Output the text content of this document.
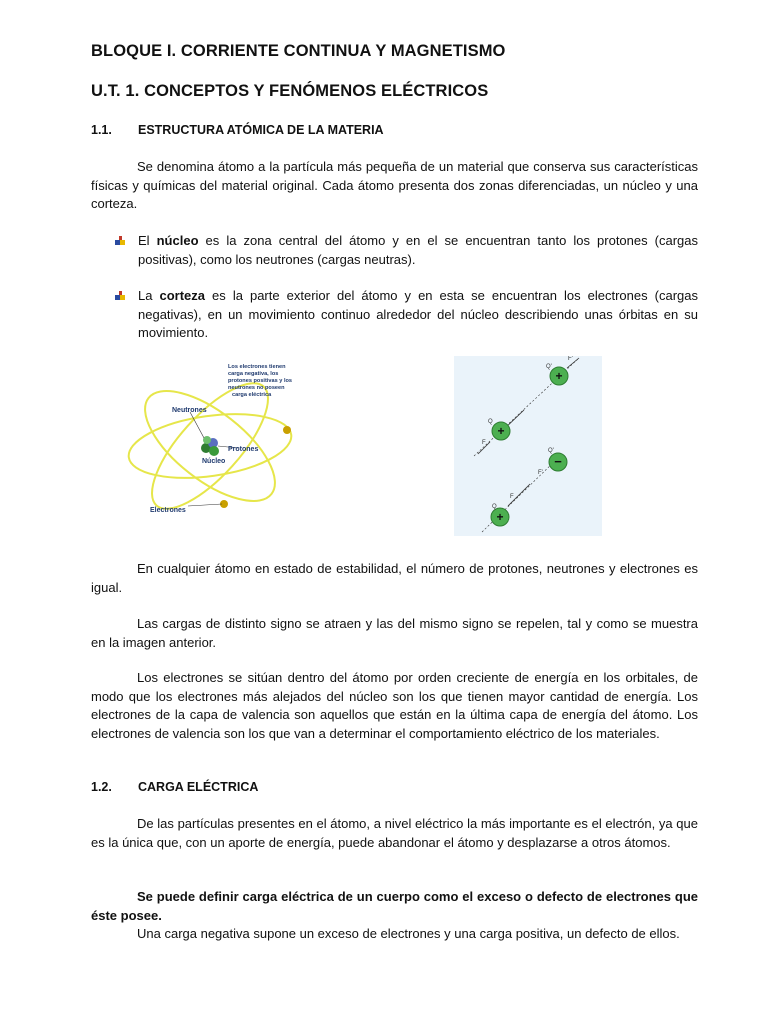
BLOQUE I. CORRIENTE CONTINUA Y MAGNETISMO
U.T. 1. CONCEPTOS Y FENÓMENOS ELÉCTRICOS
1.1. ESTRUCTURA ATÓMICA DE LA MATERIA
Se denomina átomo a la partícula más pequeña de un material que conserva sus características físicas y químicas del material original. Cada átomo presenta dos zonas diferenciadas, un núcleo y una corteza.
El núcleo es la zona central del átomo y en el se encuentran tanto los protones (cargas positivas), como los neutrones (cargas neutras).
La corteza es la parte exterior del átomo y en esta se encuentran los electrones (cargas negativas), en un movimiento continuo alrededor del núcleo describiendo unas órbitas en su movimiento.
Neutrones
Protones
Núcleo
Electrones
Los electrones tienen
carga negativa, los
protones positivas y los
neutrones no poseen
carga eléctrica
+
+
Q'
F'
Q
F
−
+
Q'
F'
Q
F
En cualquier átomo en estado de estabilidad, el número de protones, neutrones y electrones es igual.
Las cargas de distinto signo se atraen y las del mismo signo se repelen, tal y como se muestra en la imagen anterior.
Los electrones se sitúan dentro del átomo por orden creciente de energía en los orbitales, de modo que los electrones más alejados del núcleo son los que tienen mayor cantidad de energía. Los electrones de la capa de valencia son aquellos que están en la última capa de energía del átomo. Los electrones de valencia son los que van a determinar el comportamiento eléctrico de los materiales.
1.2. CARGA ELÉCTRICA
De las partículas presentes en el átomo, a nivel eléctrico la más importante es el electrón, ya que es la única que, con un aporte de energía, puede abandonar el átomo y desplazarse a otros átomos.
Se puede definir carga eléctrica de un cuerpo como el exceso o defecto de electrones que éste posee.
Una carga negativa supone un exceso de electrones y una carga positiva, un defecto de ellos.
